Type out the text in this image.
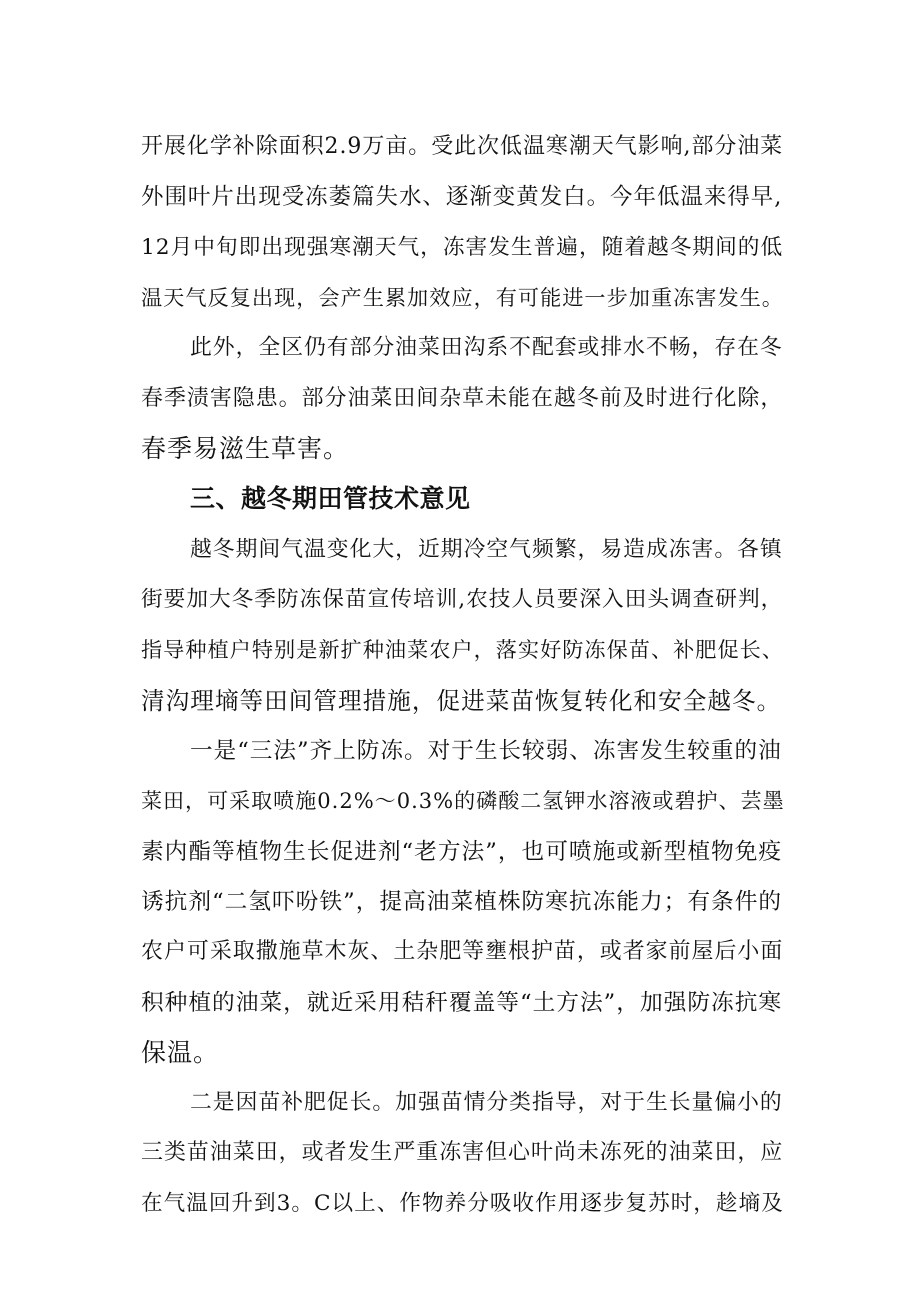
开展化学补除面积2.9万亩。受此次低温寒潮天气影响,部分油菜
外围叶片出现受冻萎篇失水、逐渐变黄发白。今年低温来得早,
12月中旬即出现强寒潮天气，冻害发生普遍，随着越冬期间的低
温天气反复出现，会产生累加效应，有可能进一步加重冻害发生。
此外，全区仍有部分油菜田沟系不配套或排水不畅，存在冬
春季渍害隐患。部分油菜田间杂草未能在越冬前及时进行化除，
春季易滋生草害。
三、越冬期田管技术意见
越冬期间气温变化大，近期冷空气频繁，易造成冻害。各镇
街要加大冬季防冻保苗宣传培训,农技人员要深入田头调查研判，
指导种植户特别是新扩种油菜农户，落实好防冻保苗、补肥促长、
清沟理墒等田间管理措施，促进菜苗恢复转化和安全越冬。
一是“三法”齐上防冻。对于生长较弱、冻害发生较重的油
菜田，可采取喷施0.2%～0.3%的磷酸二氢钾水溶液或碧护、芸墨
素内酯等植物生长促进剂“老方法”，也可喷施或新型植物免疫
诱抗剂“二氢吓吩铁”，提高油菜植株防寒抗冻能力；有条件的
农户可采取撒施草木灰、土杂肥等壅根护苗，或者家前屋后小面
积种植的油菜，就近采用秸秆覆盖等“土方法”，加强防冻抗寒
保温。
二是因苗补肥促长。加强苗情分类指导，对于生长量偏小的
三类苗油菜田，或者发生严重冻害但心叶尚未冻死的油菜田，应
在气温回升到3。C以上、作物养分吸收作用逐步复苏时，趁墒及
